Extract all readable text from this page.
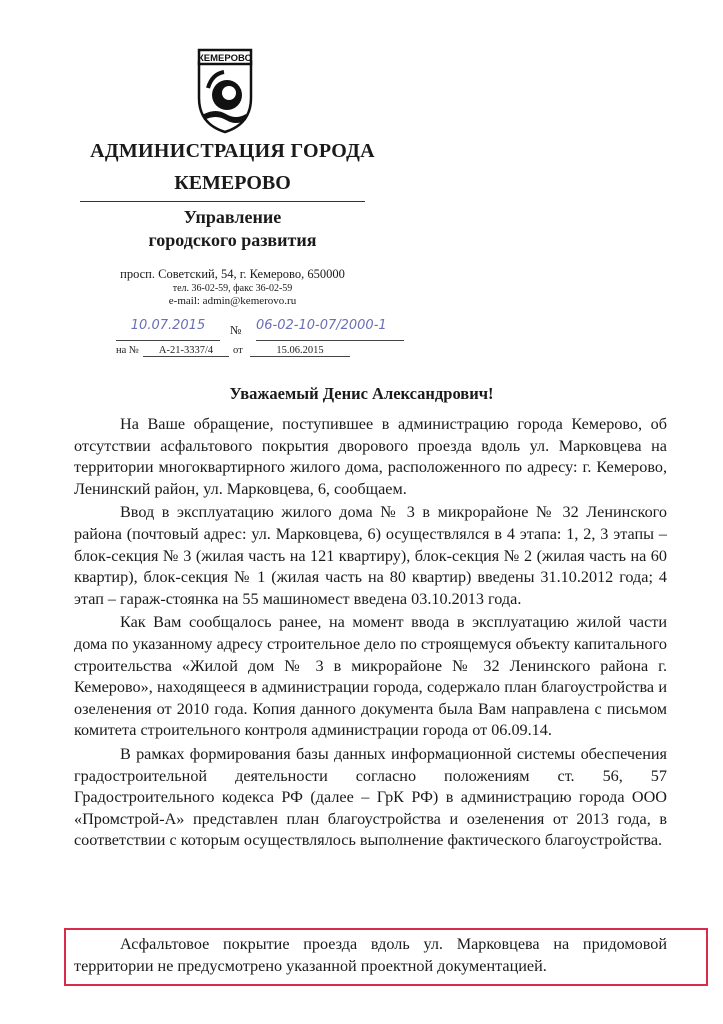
КЕМЕРОВО
АДМИНИСТРАЦИЯ ГОРОДА
КЕМЕРОВО
Управление
городского развития
просп. Советский, 54, г. Кемерово, 650000
тел. 36-02-59, факс 36-02-59
e-mail: admin@kemerovo.ru
10.07.2015	№ 06-02-10-07/2000-1
на №	А-21-3337/4	от	15.06.2015
Уважаемый Денис Александрович!

На Ваше обращение, поступившее в администрацию города Кемерово, об отсутствии асфальтового покрытия дворового проезда вдоль ул. Марковцева на территории многоквартирного жилого дома, расположенного по адресу: г. Кемерово, Ленинский район, ул. Марковцева, 6, сообщаем.

Ввод в эксплуатацию жилого дома № 3 в микрорайоне № 32 Ленинского района (почтовый адрес: ул. Марковцева, 6) осуществлялся в 4 этапа: 1, 2, 3 этапы – блок-секция № 3 (жилая часть на 121 квартиру), блок-секция № 2 (жилая часть на 60 квартир), блок-секция № 1 (жилая часть на 80 квартир) введены 31.10.2012 года; 4 этап – гараж-стоянка на 55 машиномест введена 03.10.2013 года.

Как Вам сообщалось ранее, на момент ввода в эксплуатацию жилой части дома по указанному адресу строительное дело по строящемуся объекту капитального строительства «Жилой дом № 3 в микрорайоне № 32 Ленинского района г. Кемерово», находящееся в администрации города, содержало план благоустройства и озеленения от 2010 года. Копия данного документа была Вам направлена с письмом комитета строительного контроля администрации города от 06.09.14.

В рамках формирования базы данных информационной системы обеспечения градостроительной деятельности согласно положениям ст. 56, 57 Градостроительного кодекса РФ (далее – ГрК РФ) в администрацию города ООО «Промстрой-А» представлен план благоустройства и озеленения от 2013 года, в соответствии с которым осуществлялось выполнение фактического благоустройства.

Асфальтовое покрытие проезда вдоль ул. Марковцева на придомовой территории не предусмотрено указанной проектной документацией.
